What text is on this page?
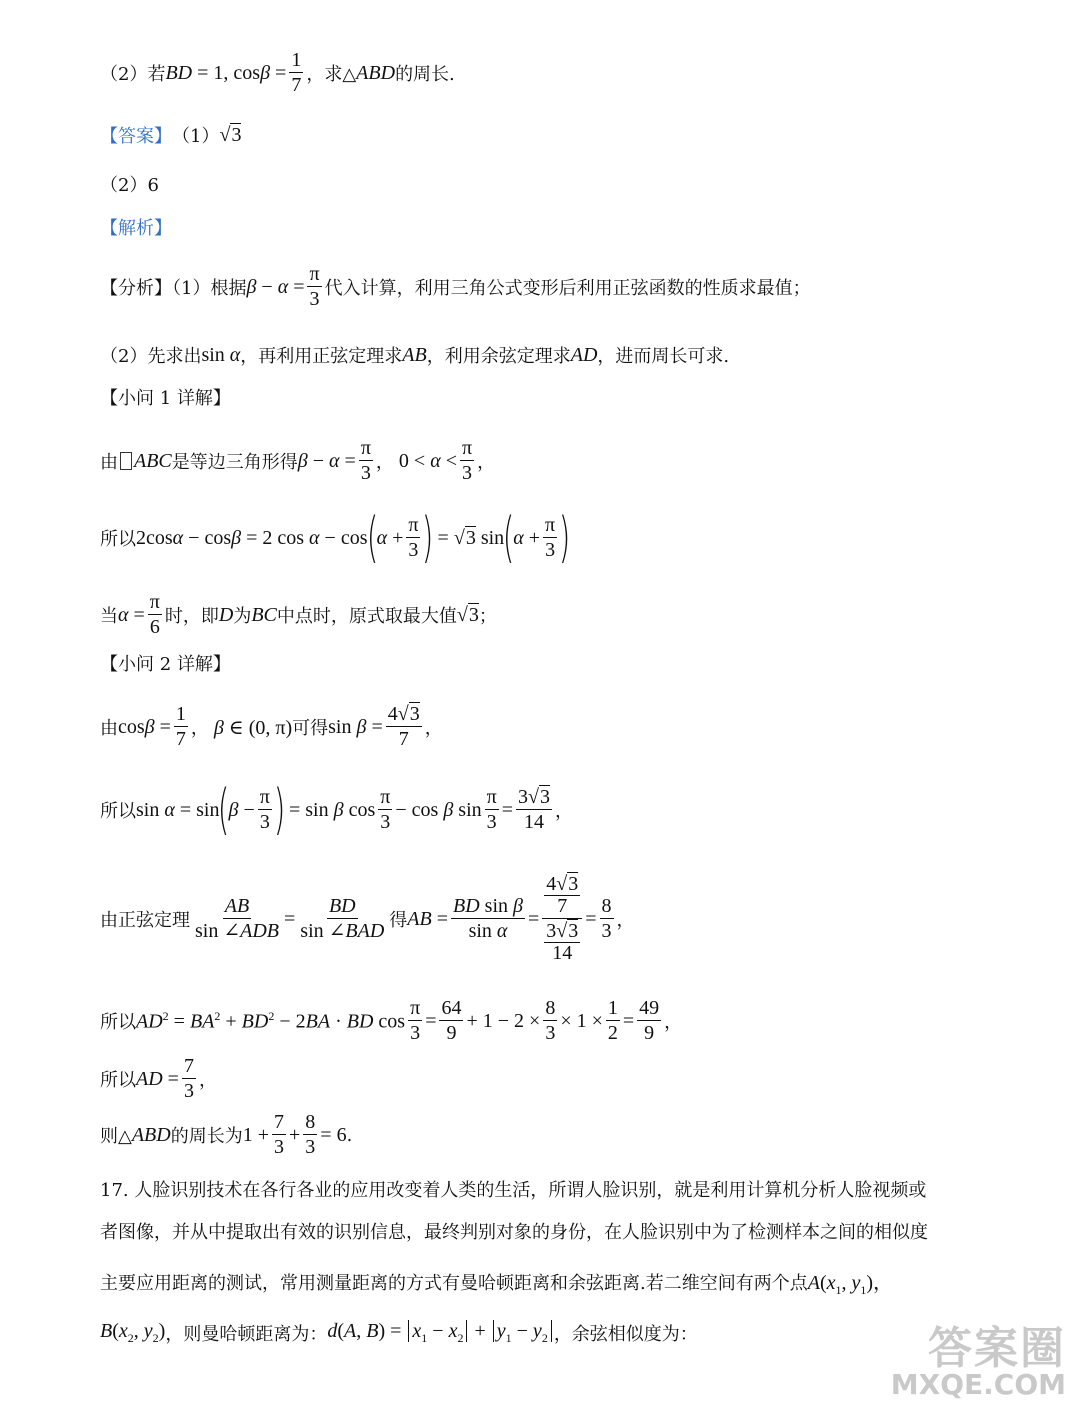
（2）若 BD = 1, $\cos\beta = \frac{1}{7}$ ，求△ ABD 的周长.
【答案】 （1） √3
（2）6
【解析】
【分析】（1）根据 $\beta - \alpha = \frac{\pi}{3}$ 代入计算，利用三角公式变形后利用正弦函数的性质求最值；
（2）先求出 sin α ，再利用正弦定理求 AB ，利用余弦定理求 AD ，进而周长可求.
【小问 1 详解】
由 ABC 是等边三角形得 $\beta - \alpha = \frac{\pi}{3}$ ， $0 < \alpha < \frac{\pi}{3}$ ，
所以 2cosα − cosβ = 2 cos α − cos
(
$\alpha + \frac{\pi}{3}$ )
= √3 sin
(
$\alpha + \frac{\pi}{3}$ )
当 $\alpha = \frac{\pi}{6}$ 时，即 D 为 BC 中点时，原式取最大值 √3 ；
【小问 2 详解】
由 $\cos\beta = \frac{1}{7}$ ， β ∈ (0, π) 可得 $\sin \beta = \frac{4√3}{7}$ ，
所以 sin α = sin
(
$\beta - \frac{\pi}{3}$ )
= sin β $\cos \frac{\pi}{3} - \cos \beta$ $\sin \frac{\pi}{3} = \frac{3√3}{14}$ ，
由正弦定理 $\frac{AB}{\text{sin ∠ADB}} = \frac{BD}{\text{sin ∠BAD}}$ 得 AB = $\frac{\text{BD sin β}}{\text{sin α}} = 4√3$
7
3√3
$14 = \frac{8}{3}$ ，
所以 $AD^2 = BA^2 + BD^2 - 2BA$ · BD $\cos \frac{\pi}{3} = \frac{64}{9} + 1 - 2 \times \frac{8}{3} \times 1 \times \frac{1}{2} = \frac{49}{9}$ ，
所以 AD = $\frac{7}{3}$ ，
则△ ABD 的周长为 $1 + \frac{7}{3} + \frac{8}{3} = 6$ .
17. 人脸识别技术在各行各业的应用改变着人类的生活，所谓人脸识别，就是利用计算机分析人脸视频或
者图像，并从中提取出有效的识别信息，最终判别对象的身份，在人脸识别中为了检测样本之间的相似度
主要应用距离的测试，常用测量距离的方式有曼哈顿距离和余弦距离.若二维空间有两个点 $A(x_1$, $y_1$)，
$B(x_2$, $y_2$) ，则曼哈顿距离为： d(A, $B) = x_1 - x_2 + y_1 - y_2$ ，余弦相似度为：	答案圈
MXQE.COM
